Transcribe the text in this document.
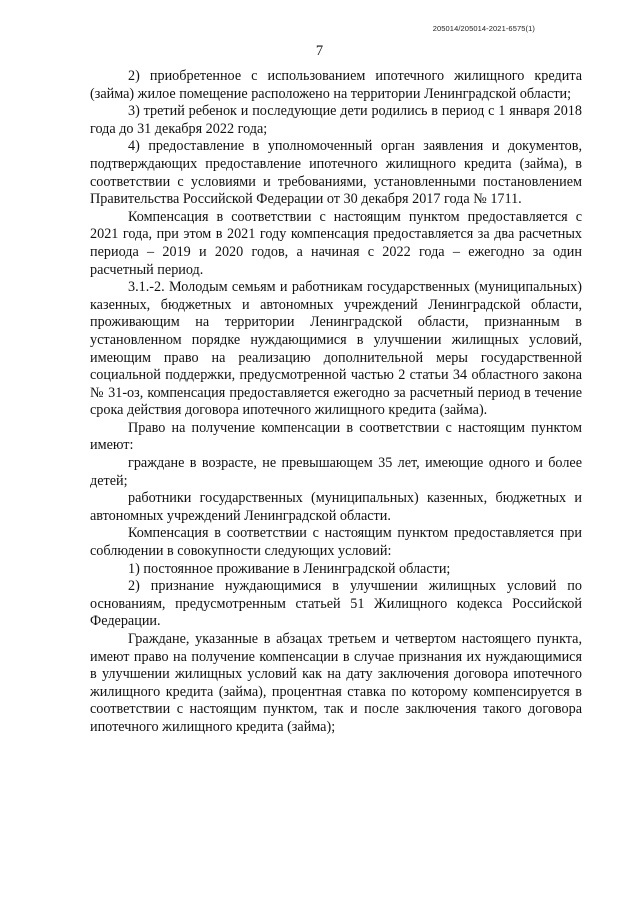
205014/205014-2021-6575(1)
7

2) приобретенное с использованием ипотечного жилищного кредита (займа) жилое помещение расположено на территории Ленинградской области;

3) третий ребенок и последующие дети родились в период с 1 января 2018 года до 31 декабря 2022 года;

4) предоставление в уполномоченный орган заявления и документов, подтверждающих предоставление ипотечного жилищного кредита (займа), в соответствии с условиями и требованиями, установленными постановлением Правительства Российской Федерации от 30 декабря 2017 года № 1711.

Компенсация в соответствии с настоящим пунктом предоставляется с 2021 года, при этом в 2021 году компенсация предоставляется за два расчетных периода – 2019 и 2020 годов, а начиная с 2022 года – ежегодно за один расчетный период.

3.1.-2. Молодым семьям и работникам государственных (муниципальных) казенных, бюджетных и автономных учреждений Ленинградской области, проживающим на территории Ленинградской области, признанным в установленном порядке нуждающимися в улучшении жилищных условий, имеющим право на реализацию дополнительной меры государственной социальной поддержки, предусмотренной частью 2 статьи 34 областного закона № 31-оз, компенсация предоставляется ежегодно за расчетный период в течение срока действия договора ипотечного жилищного кредита (займа).

Право на получение компенсации в соответствии с настоящим пунктом имеют:

граждане в возрасте, не превышающем 35 лет, имеющие одного и более детей;

работники государственных (муниципальных) казенных, бюджетных и автономных учреждений Ленинградской области.

Компенсация в соответствии с настоящим пунктом предоставляется при соблюдении в совокупности следующих условий:

1) постоянное проживание в Ленинградской области;

2) признание нуждающимися в улучшении жилищных условий по основаниям, предусмотренным статьей 51 Жилищного кодекса Российской Федерации.

Граждане, указанные в абзацах третьем и четвертом настоящего пункта, имеют право на получение компенсации в случае признания их нуждающимися в улучшении жилищных условий как на дату заключения договора ипотечного жилищного кредита (займа), процентная ставка по которому компенсируется в соответствии с настоящим пунктом, так и после заключения такого договора ипотечного жилищного кредита (займа);
